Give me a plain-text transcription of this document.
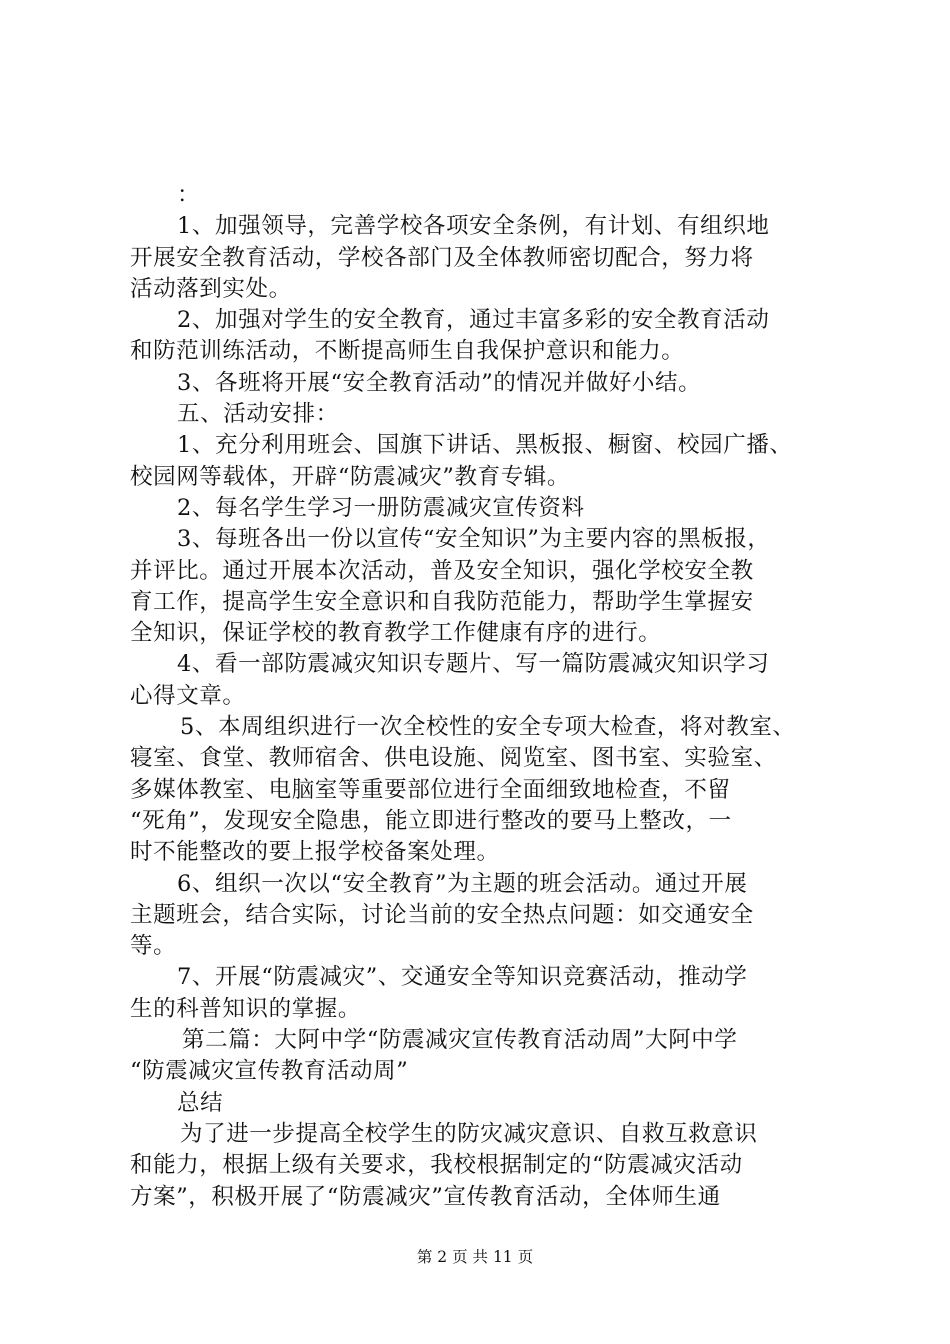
：
1、加强领导，完善学校各项安全条例，有计划、有组织地
开展安全教育活动，学校各部门及全体教师密切配合，努力将
活动落到实处。
2、加强对学生的安全教育，通过丰富多彩的安全教育活动
和防范训练活动，不断提高师生自我保护意识和能力。
3、各班将开展“安全教育活动”的情况并做好小结。
五、活动安排：
1、充分利用班会、国旗下讲话、黑板报、橱窗、校园广播、
校园网等载体，开辟“防震减灾”教育专辑。
2、每名学生学习一册防震减灾宣传资料
3、每班各出一份以宣传“安全知识”为主要内容的黑板报，
并评比。通过开展本次活动，普及安全知识，强化学校安全教
育工作，提高学生安全意识和自我防范能力，帮助学生掌握安
全知识，保证学校的教育教学工作健康有序的进行。
4、看一部防震减灾知识专题片、写一篇防震减灾知识学习
心得文章。
5、本周组织进行一次全校性的安全专项大检查，将对教室、
寝室、食堂、教师宿舍、供电设施、阅览室、图书室、实验室、
多媒体教室、电脑室等重要部位进行全面细致地检查，不留
“死角”，发现安全隐患，能立即进行整改的要马上整改，一
时不能整改的要上报学校备案处理。
6、组织一次以“安全教育”为主题的班会活动。通过开展
主题班会，结合实际，讨论当前的安全热点问题：如交通安全
等。
7、开展“防震减灾”、交通安全等知识竞赛活动，推动学
生的科普知识的掌握。
第二篇：大阿中学“防震减灾宣传教育活动周”大阿中学
“防震减灾宣传教育活动周”
总结
为了进一步提高全校学生的防灾减灾意识、自救互救意识
和能力，根据上级有关要求，我校根据制定的“防震减灾活动
方案”，积极开展了“防震减灾”宣传教育活动，全体师生通
第 2 页 共 11 页
